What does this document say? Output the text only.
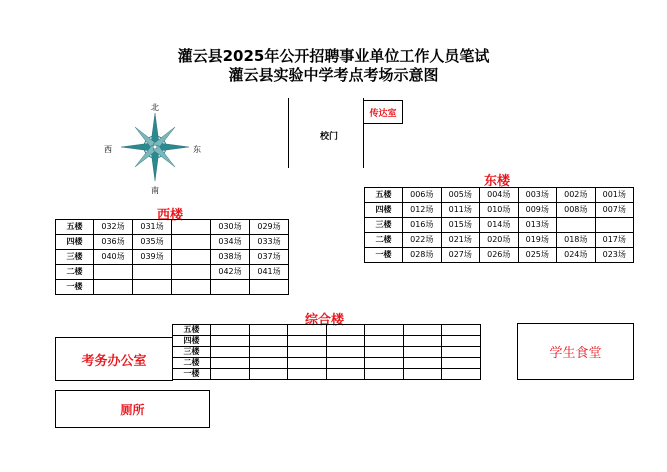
灌云县2025年公开招聘事业单位工作人员笔试
灌云县实验中学考点考场示意图
北
南
西	东
校门
传达室
东楼
五楼	006场	005场	004场	003场	002场	001场
四楼	012场	011场	010场	009场	008场	007场
三楼	016场	015场	014场	013场		
二楼	022场	021场	020场	019场	018场	017场
一楼	028场	027场	026场	025场	024场	023场
西楼
五楼	032场	031场		030场	029场
四楼	036场	035场		034场	033场
三楼	040场	039场		038场	037场
二楼				042场	041场
一楼					
综合楼
五楼							
四楼							
三楼							
二楼							
一楼							
考务办公室	学生食堂
厕所
